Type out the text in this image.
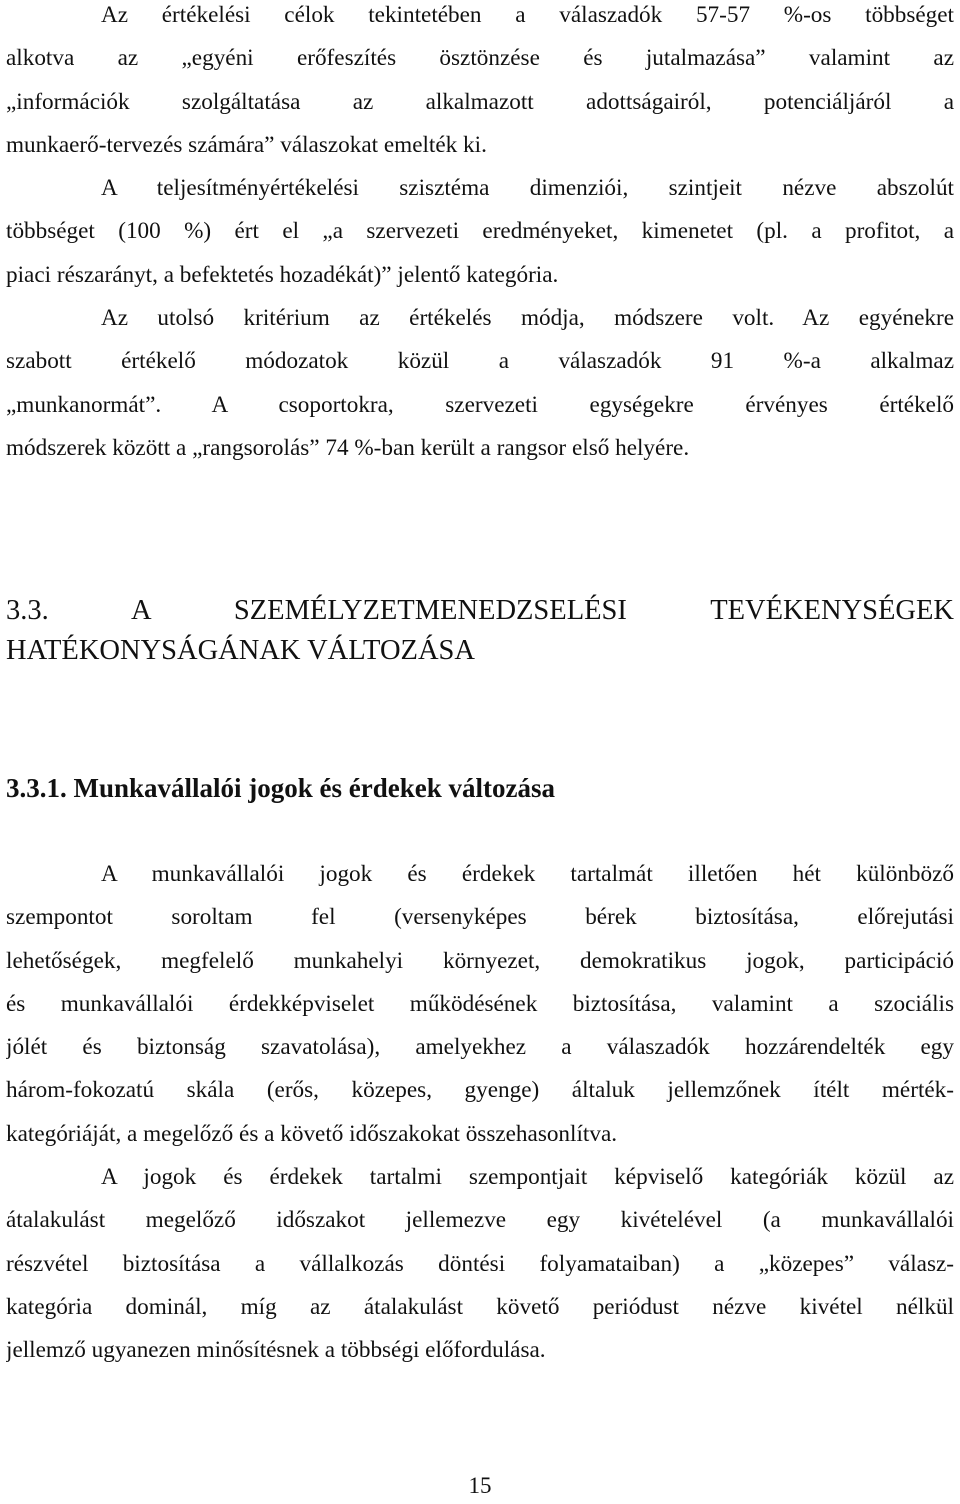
Az értékelési célok tekintetében a válaszadók 57-57 %-os többséget
alkotva az „egyéni erőfeszítés ösztönzése és jutalmazása” valamint az
„információk szolgáltatása az alkalmazott adottságairól, potenciáljáról a
munkaerő-tervezés számára” válaszokat emelték ki.
A teljesítményértékelési szisztéma dimenziói, szintjeit nézve abszolút
többséget (100 %) ért el „a szervezeti eredményeket, kimenetet (pl. a profitot, a
piaci részarányt, a befektetés hozadékát)” jelentő kategória.
Az utolsó kritérium az értékelés módja, módszere volt. Az egyénekre
szabott értékelő módozatok közül a válaszadók 91 %-a alkalmaz
„munkanormát”. A csoportokra, szervezeti egységekre érvényes értékelő
módszerek között a „rangsorolás” 74 %-ban került a rangsor első helyére.
3.3.	A	SZEMÉLYZETMENEDZSELÉSI	TEVÉKENYSÉGEK
HATÉKONYSÁGÁNAK VÁLTOZÁSA
3.3.1. Munkavállalói jogok és érdekek változása
A munkavállalói jogok és érdekek tartalmát illetően hét különböző
szempontot soroltam fel (versenyképes bérek biztosítása, előrejutási
lehetőségek, megfelelő munkahelyi környezet, demokratikus jogok, participáció
és munkavállalói érdekképviselet működésének biztosítása, valamint a szociális
jólét és biztonság szavatolása), amelyekhez a válaszadók hozzárendelték egy
három-fokozatú skála (erős, közepes, gyenge) általuk jellemzőnek ítélt mérték-
kategóriáját, a megelőző és a követő időszakokat összehasonlítva.
A jogok és érdekek tartalmi szempontjait képviselő kategóriák közül az
átalakulást megelőző időszakot jellemezve egy kivételével (a munkavállalói
részvétel biztosítása a vállalkozás döntési folyamataiban) a „közepes” válasz-
kategória dominál, míg az átalakulást követő periódust nézve kivétel nélkül
jellemző ugyanezen minősítésnek a többségi előfordulása.
15
